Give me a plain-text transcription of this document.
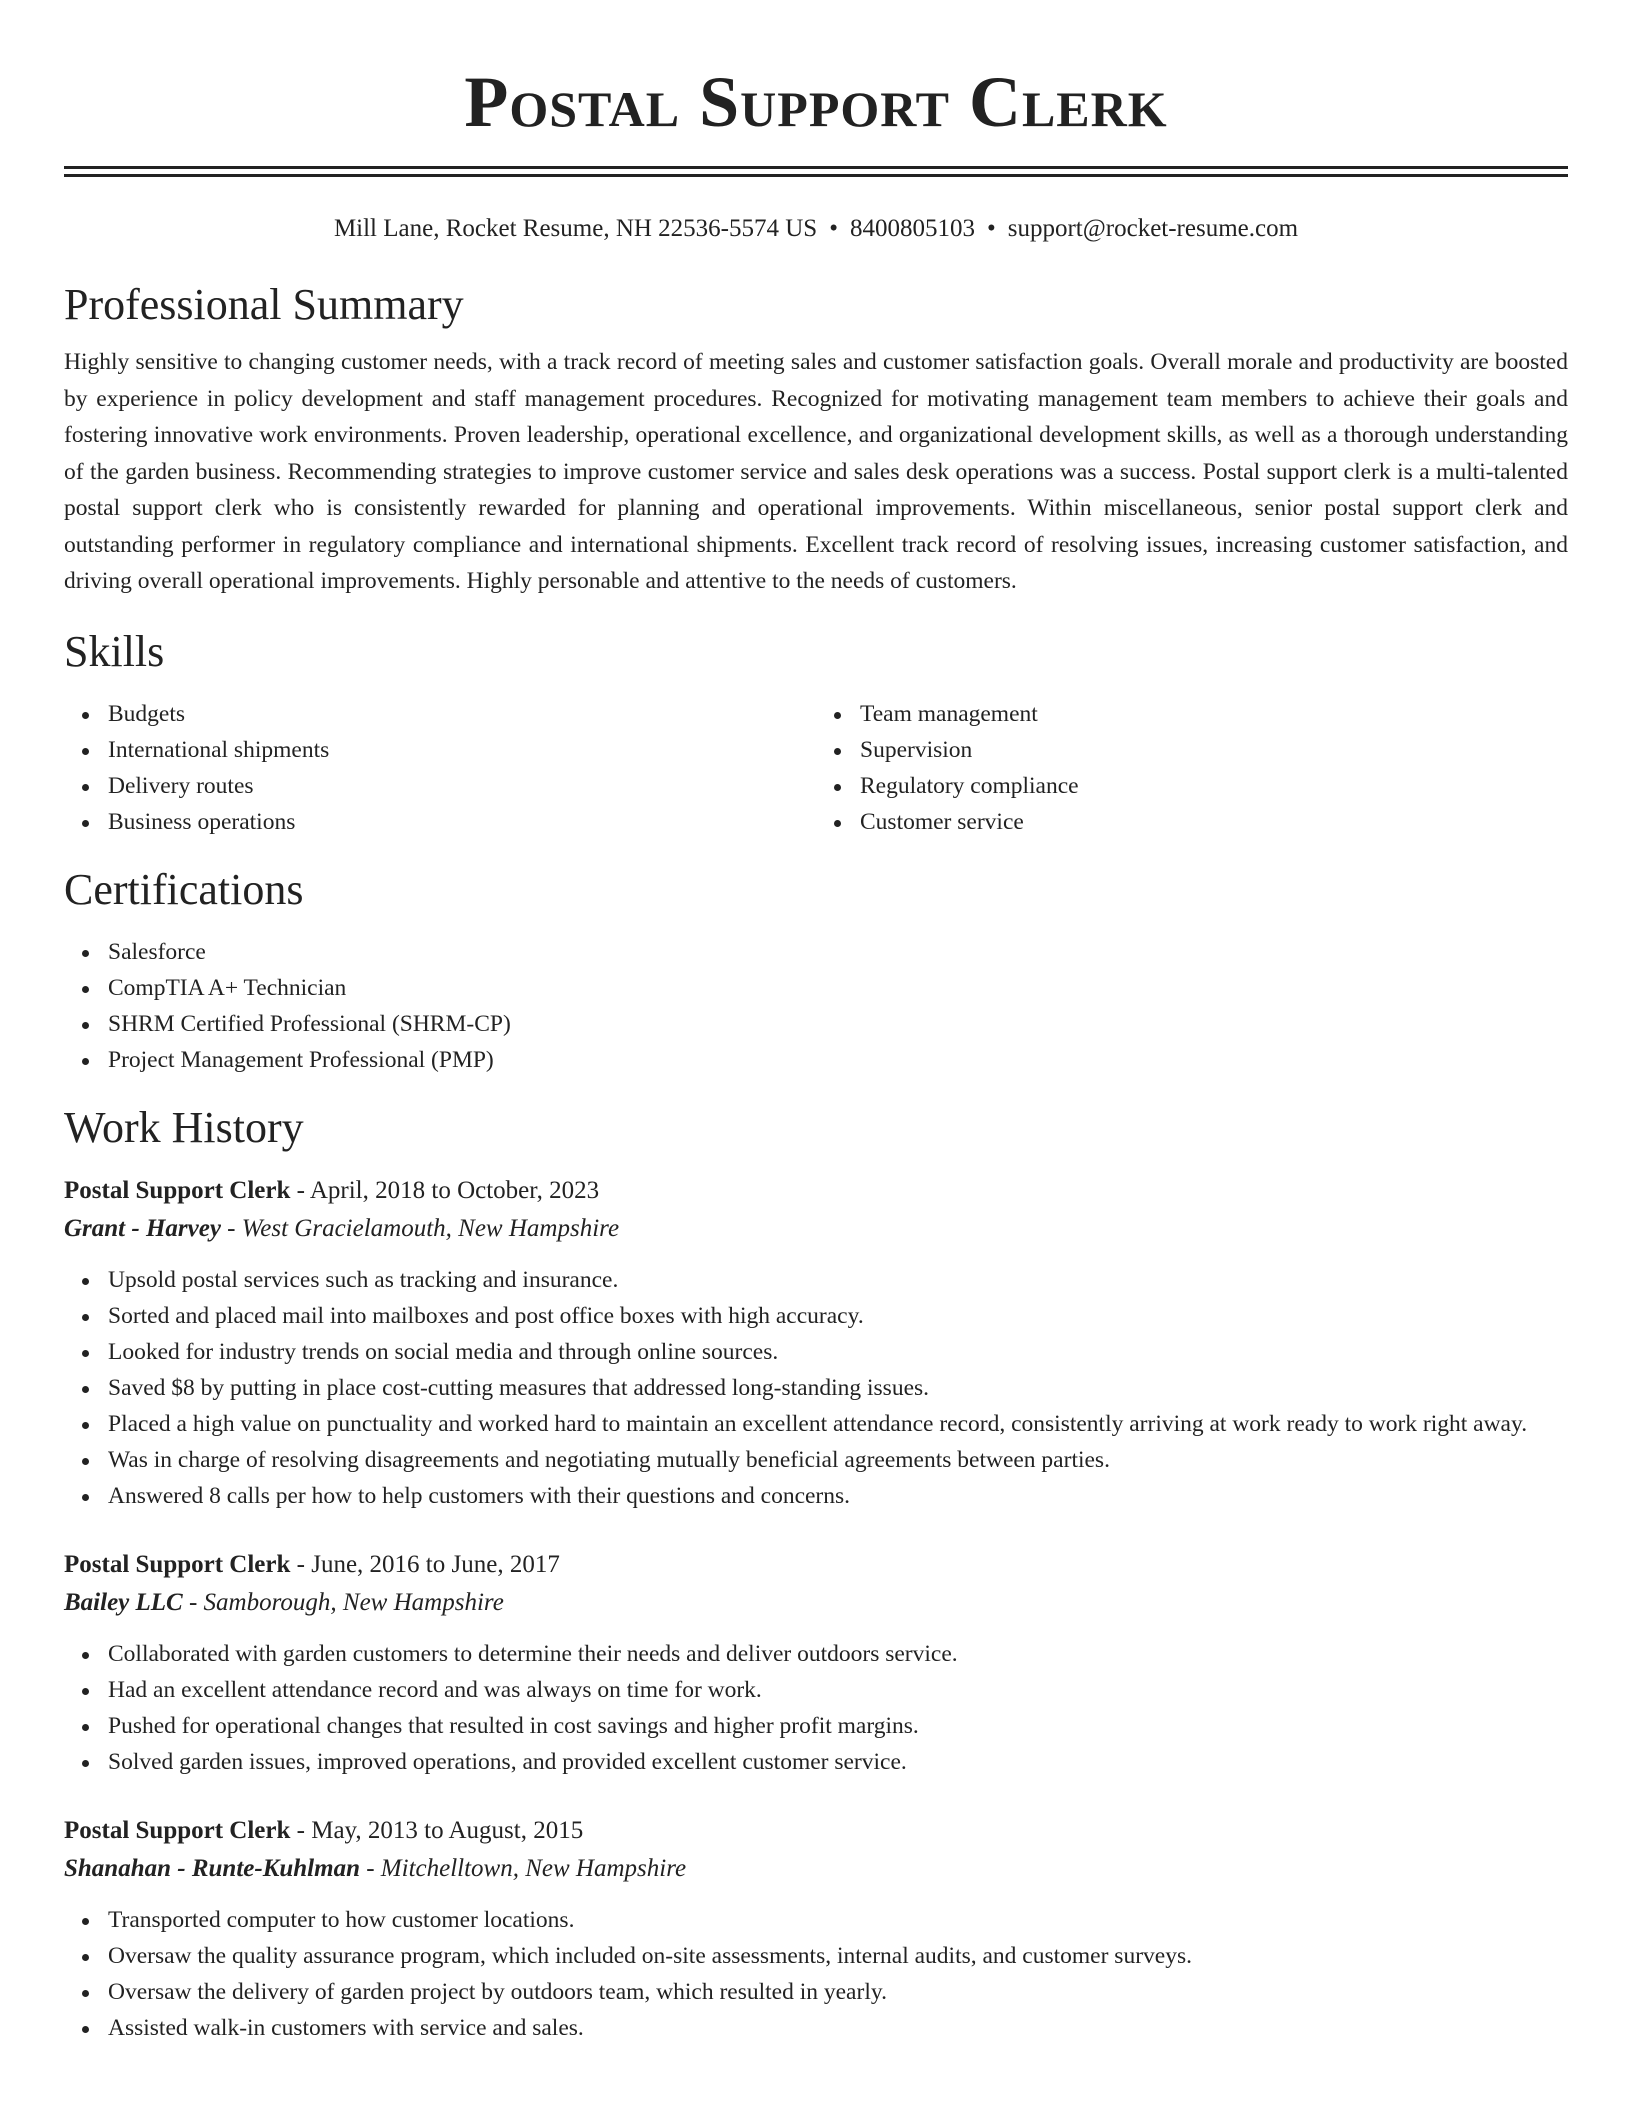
Postal Support Clerk
Mill Lane, Rocket Resume, NH 22536-5574 US • 8400805103 • support@rocket-resume.com
Professional Summary

Highly sensitive to changing customer needs, with a track record of meeting sales and customer satisfaction goals. Overall morale and productivity are boosted by experience in policy development and staff management procedures. Recognized for motivating management team members to achieve their goals and fostering innovative work environments. Proven leadership, operational excellence, and organizational development skills, as well as a thorough understanding of the garden business. Recommending strategies to improve customer service and sales desk operations was a success. Postal support clerk is a multi-talented postal support clerk who is consistently rewarded for planning and operational improvements. Within miscellaneous, senior postal support clerk and outstanding performer in regulatory compliance and international shipments. Excellent track record of resolving issues, increasing customer satisfaction, and driving overall operational improvements. Highly personable and attentive to the needs of customers.

Skills
Budgets
International shipments
Delivery routes
Business operations
Team management
Supervision
Regulatory compliance
Customer service
Certifications
Salesforce
CompTIA A+ Technician
SHRM Certified Professional (SHRM-CP)
Project Management Professional (PMP)
Work History
Postal Support Clerk - April, 2018 to October, 2023
Grant - Harvey - West Gracielamouth, New Hampshire
Upsold postal services such as tracking and insurance.
Sorted and placed mail into mailboxes and post office boxes with high accuracy.
Looked for industry trends on social media and through online sources.
Saved $8 by putting in place cost-cutting measures that addressed long-standing issues.
Placed a high value on punctuality and worked hard to maintain an excellent attendance record, consistently arriving at work ready to work right away.
Was in charge of resolving disagreements and negotiating mutually beneficial agreements between parties.
Answered 8 calls per how to help customers with their questions and concerns.
Postal Support Clerk - June, 2016 to June, 2017
Bailey LLC - Samborough, New Hampshire
Collaborated with garden customers to determine their needs and deliver outdoors service.
Had an excellent attendance record and was always on time for work.
Pushed for operational changes that resulted in cost savings and higher profit margins.
Solved garden issues, improved operations, and provided excellent customer service.
Postal Support Clerk - May, 2013 to August, 2015
Shanahan - Runte-Kuhlman - Mitchelltown, New Hampshire
Transported computer to how customer locations.
Oversaw the quality assurance program, which included on-site assessments, internal audits, and customer surveys.
Oversaw the delivery of garden project by outdoors team, which resulted in yearly.
Assisted walk-in customers with service and sales.
